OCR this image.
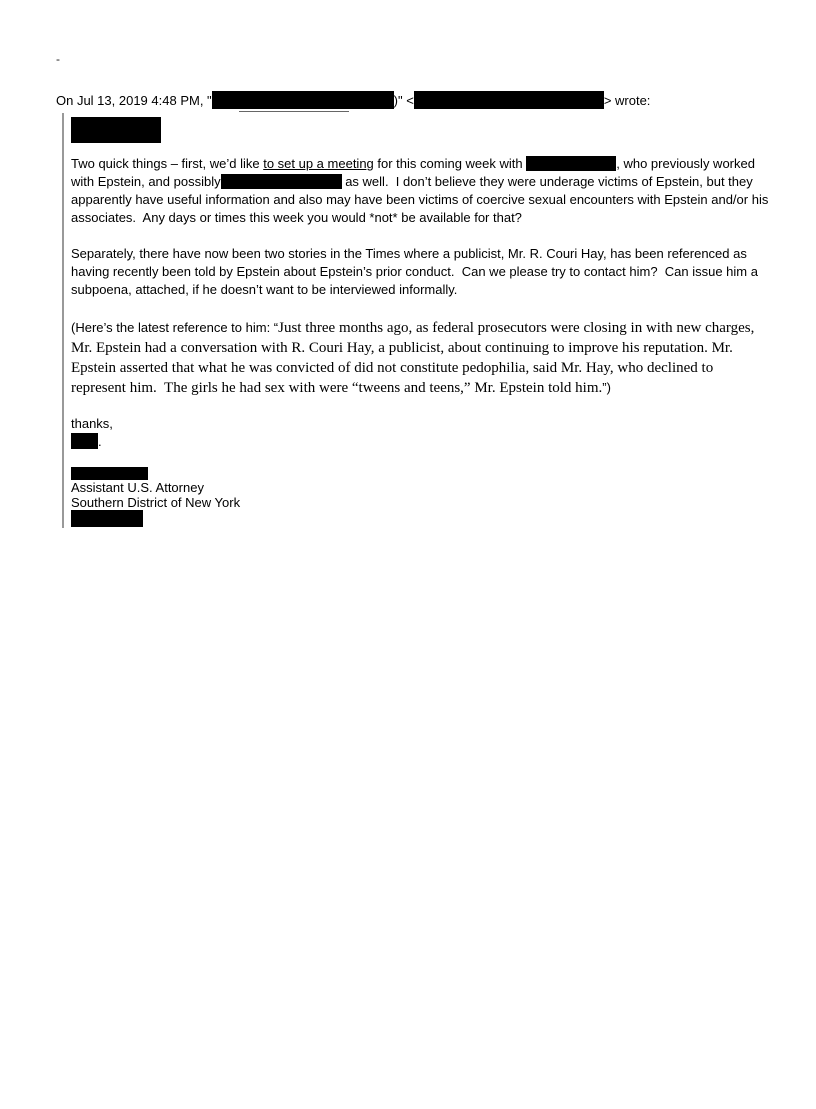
-
On Jul 13, 2019 4:48 PM, "	)" <	> wrote:
Two quick things – first, we’d like to set up a meeting for this coming week with	, who previously worked with Epstein, and possibly	as well.  I don’t believe they were underage victims of Epstein, but they apparently have useful information and also may have been victims of coercive sexual encounters with Epstein and/or his associates.  Any days or times this week you would *not* be available for that?
Separately, there have now been two stories in the Times where a publicist, Mr. R. Couri Hay, has been referenced as having recently been told by Epstein about Epstein’s prior conduct.  Can we please try to contact him?  Can issue him a subpoena, attached, if he doesn’t want to be interviewed informally.
(Here’s the latest reference to him: “Just three months ago, as federal prosecutors were closing in with new charges, Mr. Epstein had a conversation with R. Couri Hay, a publicist, about continuing to improve his reputation. Mr. Epstein asserted that what he was convicted of did not constitute pedophilia, said Mr. Hay, who declined to represent him.  The girls he had sex with were “tweens and teens,” Mr. Epstein told him.”)
thanks,
.
Assistant U.S. Attorney
Southern District of New York
